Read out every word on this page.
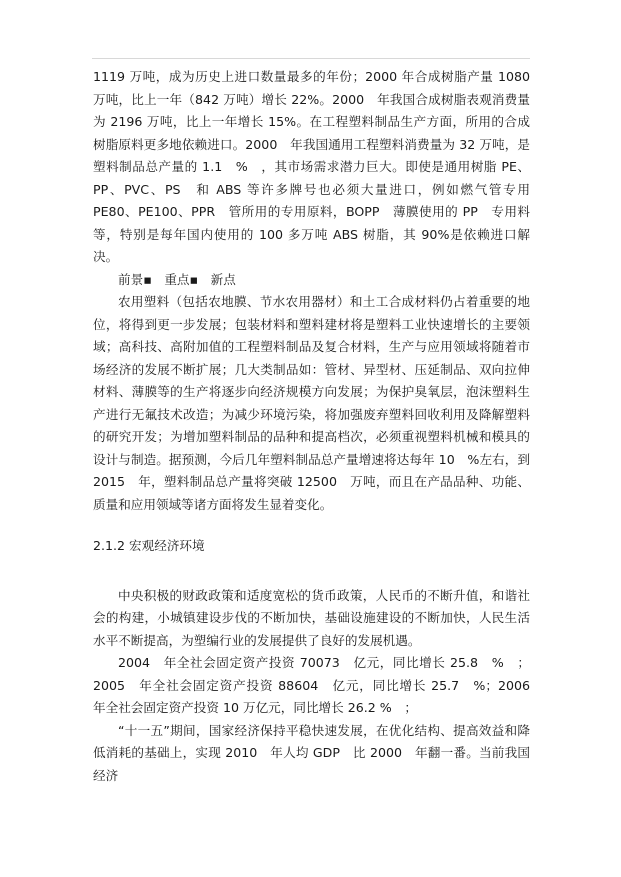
1119 万吨，成为历史上进口数量最多的年份；2000 年合成树脂产量 1080 万吨，比上一年（842 万吨）增长 22%。2000　年我国合成树脂表观消费量为 2196 万吨，比上一年增长 15%。在工程塑料制品生产方面，所用的合成树脂原料更多地依赖进口。2000　年我国通用工程塑料消费量为 32 万吨，是塑料制品总产量的 1.1　%　，其市场需求潜力巨大。即使是通用树脂 PE、PP、PVC、PS　和 ABS 等许多牌号也必须大量进口，例如燃气管专用 PE80、PE100、PPR　管所用的专用原料，BOPP　薄膜使用的 PP　专用料等，特别是每年国内使用的 100 多万吨 ABS 树脂，其 90%是依赖进口解决。

前景▪　重点▪　新点

农用塑料（包括农地膜、节水农用器材）和土工合成材料仍占着重要的地位，将得到更一步发展；包装材料和塑料建材将是塑料工业快速增长的主要领域；高科技、高附加值的工程塑料制品及复合材料，生产与应用领域将随着市场经济的发展不断扩展；几大类制品如：管材、异型材、压延制品、双向拉伸材料、薄膜等的生产将逐步向经济规模方向发展；为保护臭氧层，泡沫塑料生产进行无氟技术改造；为减少环境污染，将加强废弃塑料回收利用及降解塑料的研究开发；为增加塑料制品的品种和提高档次，必须重视塑料机械和模具的设计与制造。据预测，今后几年塑料制品总产量增速将达每年 10　%左右，到 2015　年，塑料制品总产量将突破 12500　万吨，而且在产品品种、功能、质量和应用领域等诸方面将发生显着变化。

2.1.2 宏观经济环境

中央积极的财政政策和适度宽松的货币政策，人民币的不断升值，和谐社会的构建，小城镇建设步伐的不断加快，基础设施建设的不断加快，人民生活水平不断提高，为塑编行业的发展提供了良好的发展机遇。

2004　年全社会固定资产投资 70073　亿元，同比增长 25.8　%　；2005　年全社会固定资产投资 88604　亿元，同比增长 25.7　%；2006　年全社会固定资产投资 10 万亿元，同比增长 26.2 %　；

“十一五”期间，国家经济保持平稳快速发展，在优化结构、提高效益和降低消耗的基础上，实现 2010　年人均 GDP　比 2000　年翻一番。当前我国经济
